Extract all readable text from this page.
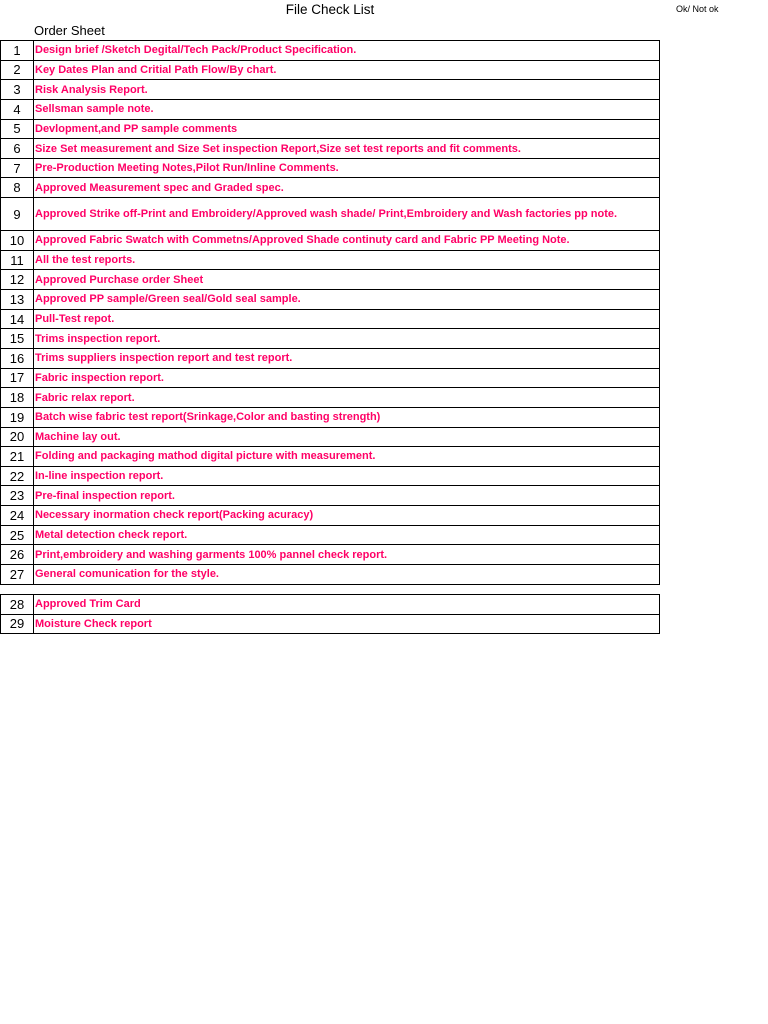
File Check List	Ok/ Not ok
Order Sheet
1	Design brief /Sketch Degital/Tech Pack/Product Specification.
2	Key Dates Plan and Critial Path Flow/By chart.
3	Risk Analysis Report.
4	Sellsman sample note.
5	Devlopment,and PP sample comments
6	Size Set measurement and Size Set inspection Report,Size set test reports and fit comments.
7	Pre-Production Meeting Notes,Pilot Run/Inline Comments.
8	Approved Measurement spec and Graded spec.
9	Approved Strike off-Print and Embroidery/Approved wash shade/ Print,Embroidery and Wash factories pp note.
10	Approved Fabric Swatch with Commetns/Approved Shade continuty card and Fabric PP Meeting Note.
11	All the test reports.
12	Approved Purchase order Sheet
13	Approved PP sample/Green seal/Gold seal sample.
14	Pull-Test repot.
15	Trims inspection report.
16	Trims suppliers inspection report and test report.
17	Fabric inspection report.
18	Fabric relax report.
19	Batch wise fabric test report(Srinkage,Color and basting strength)
20	Machine lay out.
21	Folding and packaging mathod digital picture with measurement.
22	In-line inspection report.
23	Pre-final inspection report.
24	Necessary inormation check report(Packing acuracy)
25	Metal detection check report.
26	Print,embroidery and washing garments 100% pannel check report.
27	General comunication for the style.
28	Approved Trim Card
29	Moisture Check report
